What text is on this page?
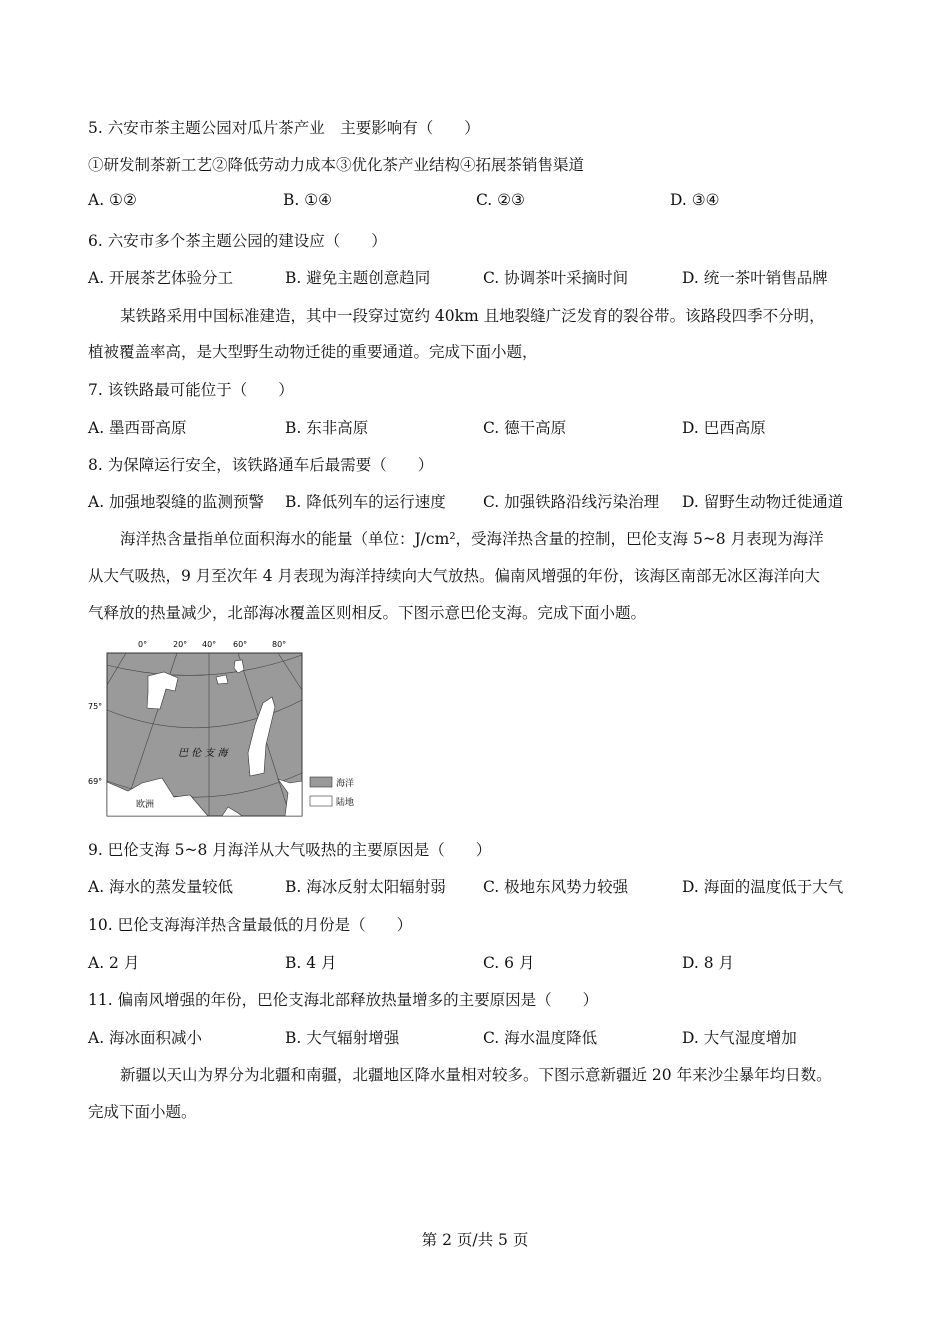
5. 六安市茶主题公园对瓜片茶产业　主要影响有（　　）
①研发制茶新工艺②降低劳动力成本③优化茶产业结构④拓展茶销售渠道
A. ①②	B. ①④	C. ②③	D. ③④
6. 六安市多个茶主题公园的建设应（　　）
A. 开展茶艺体验分工	B. 避免主题创意趋同	C. 协调茶叶采摘时间	D. 统一茶叶销售品牌
某铁路采用中国标准建造，其中一段穿过宽约 40km 且地裂缝广泛发育的裂谷带。该路段四季不分明，
植被覆盖率高，是大型野生动物迁徙的重要通道。完成下面小题，
7. 该铁路最可能位于（　　）
A. 墨西哥高原	B. 东非高原	C. 德干高原	D. 巴西高原
8. 为保障运行安全，该铁路通车后最需要（　　）
A. 加强地裂缝的监测预警 B. 降低列车的运行速度 C. 加强铁路沿线污染治理 D. 留野生动物迁徙通道
海洋热含量指单位面积海水的能量（单位：J/cm²，受海洋热含量的控制，巴伦支海 5~8 月表现为海洋
从大气吸热，9 月至次年 4 月表现为海洋持续向大气放热。偏南风增强的年份，该海区南部无冰区海洋向大
气释放的热量减少，北部海冰覆盖区则相反。下图示意巴伦支海。完成下面小题。
0°	20° 40° 60°	80°
75°
69°
巴 伦 支 海
欧洲
海洋
陆地
9. 巴伦支海 5~8 月海洋从大气吸热的主要原因是（　　）
A. 海水的蒸发量较低	B. 海冰反射太阳辐射弱 C. 极地东风势力较强	D. 海面的温度低于大气
10. 巴伦支海海洋热含量最低的月份是（　　）
A. 2 月	B. 4 月	C. 6 月	D. 8 月
11. 偏南风增强的年份，巴伦支海北部释放热量增多的主要原因是（　　）
A. 海冰面积减小	B. 大气辐射增强	C. 海水温度降低	D. 大气湿度增加
新疆以天山为界分为北疆和南疆，北疆地区降水量相对较多。下图示意新疆近 20 年来沙尘暴年均日数。
完成下面小题。
第 2 页/共 5 页
